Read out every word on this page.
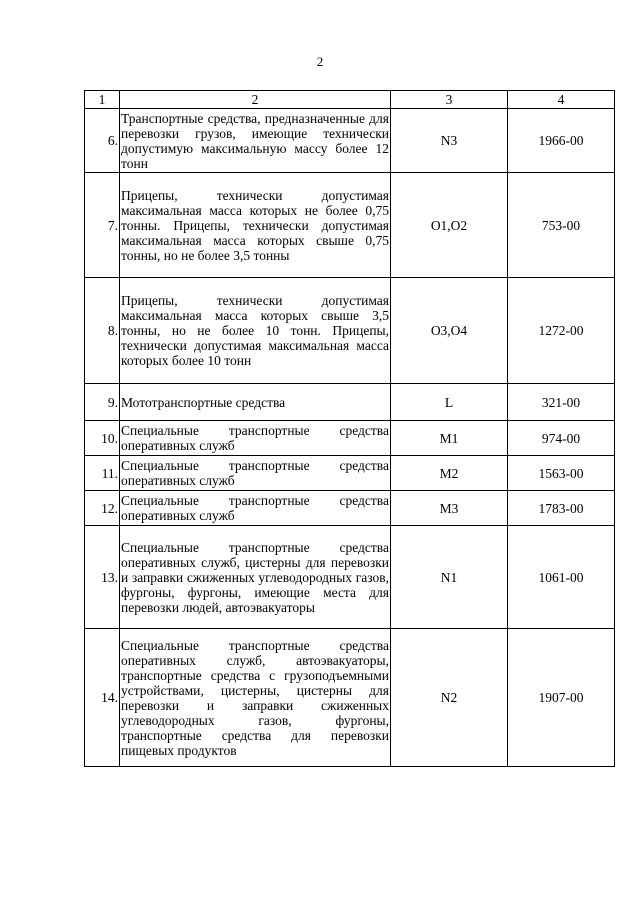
2
1	2	3	4
6.	Транспортные средства, предназначенные для перевозки грузов, имеющие технически допустимую максимальную массу более 12 тонн	N3	1966-00
7.	Прицепы, технически допустимая максимальная масса которых не более 0,75 тонны. Прицепы, технически допустимая максимальная масса которых свыше 0,75 тонны, но не более 3,5 тонны	O1,O2	753-00
8.	Прицепы, технически допустимая максимальная масса которых свыше 3,5 тонны, но не более 10 тонн. Прицепы, технически допустимая максимальная масса которых более 10 тонн	O3,O4	1272-00
9.	Мототранспортные средства	L	321-00
10.	Специальные транспортные средства оперативных служб	M1	974-00
11.	Специальные транспортные средства оперативных служб	M2	1563-00
12.	Специальные транспортные средства оперативных служб	M3	1783-00
13.	Специальные транспортные средства оперативных служб, цистерны для перевозки и заправки сжиженных углеводородных газов, фургоны, фургоны, имеющие места для перевозки людей, автоэвакуаторы	N1	1061-00
14.	Специальные транспортные средства оперативных служб, автоэвакуаторы, транспортные средства с грузоподъемными устройствами, цистерны, цистерны для перевозки и заправки сжиженных углеводородных газов, фургоны, транспортные средства для перевозки пищевых продуктов	N2	1907-00
